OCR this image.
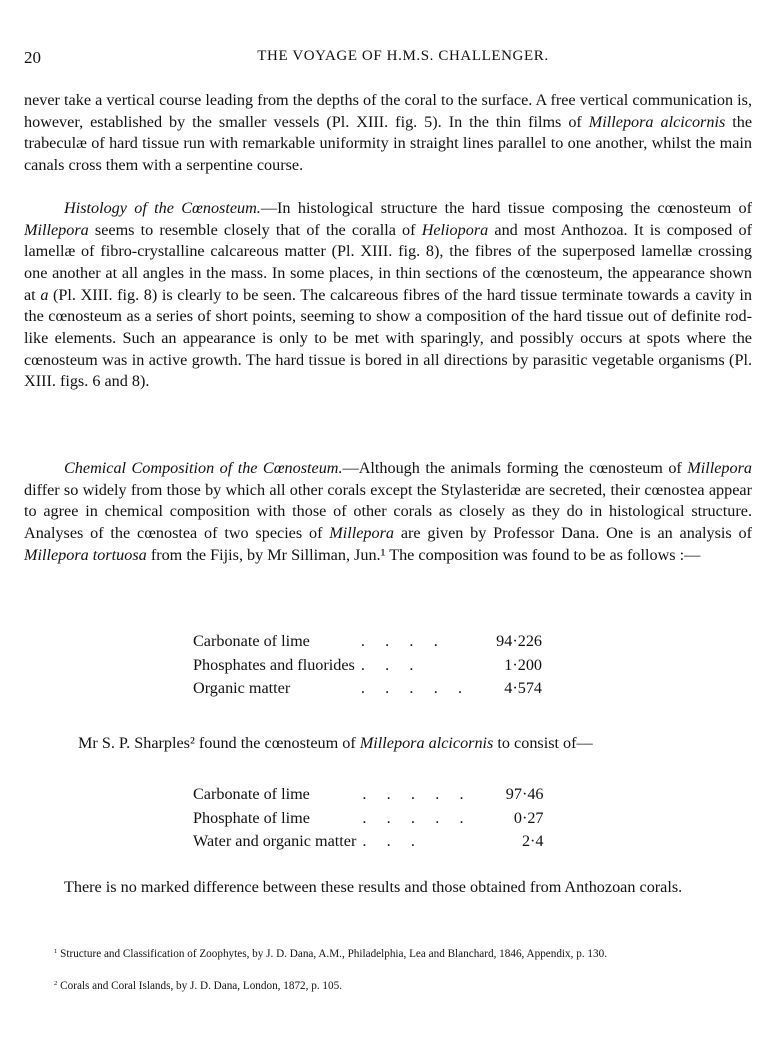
20	THE VOYAGE OF H.M.S. CHALLENGER.
never take a vertical course leading from the depths of the coral to the surface. A free vertical communication is, however, established by the smaller vessels (Pl. XIII. fig. 5). In the thin films of Millepora alcicornis the trabeculæ of hard tissue run with remarkable uniformity in straight lines parallel to one another, whilst the main canals cross them with a serpentine course.
Histology of the Cœnosteum.—In histological structure the hard tissue composing the cœnosteum of Millepora seems to resemble closely that of the coralla of Heliopora and most Anthozoa. It is composed of lamellæ of fibro-crystalline calcareous matter (Pl. XIII. fig. 8), the fibres of the superposed lamellæ crossing one another at all angles in the mass. In some places, in thin sections of the cœnosteum, the appearance shown at a (Pl. XIII. fig. 8) is clearly to be seen. The calcareous fibres of the hard tissue terminate towards a cavity in the cœnosteum as a series of short points, seeming to show a composition of the hard tissue out of definite rod-like elements. Such an appearance is only to be met with sparingly, and possibly occurs at spots where the cœnosteum was in active growth. The hard tissue is bored in all directions by parasitic vegetable organisms (Pl. XIII. figs. 6 and 8).
Chemical Composition of the Cœnosteum.—Although the animals forming the cœnosteum of Millepora differ so widely from those by which all other corals except the Stylasteridæ are secreted, their cœnostea appear to agree in chemical composition with those of other corals as closely as they do in histological structure. Analyses of the cœnostea of two species of Millepora are given by Professor Dana. One is an analysis of Millepora tortuosa from the Fijis, by Mr Silliman, Jun.¹ The composition was found to be as follows :—
Carbonate of lime	.     .     .     .	94·226
Phosphates and fluorides	.     .     .	1·200
Organic matter	.     .     .     .     .	4·574
Mr S. P. Sharples² found the cœnosteum of Millepora alcicornis to consist of—
Carbonate of lime	.     .     .     .     .	97·46
Phosphate of lime	.     .     .     .     .	0·27
Water and organic matter	.     .     .	2·4
There is no marked difference between these results and those obtained from Anthozoan corals.
$^1$ Structure and Classification of Zoophytes, by J. D. Dana, A.M., Philadelphia, Lea and Blanchard, 1846, Appendix, p. 130.
$^2$ Corals and Coral Islands, by J. D. Dana, London, 1872, p. 105.
